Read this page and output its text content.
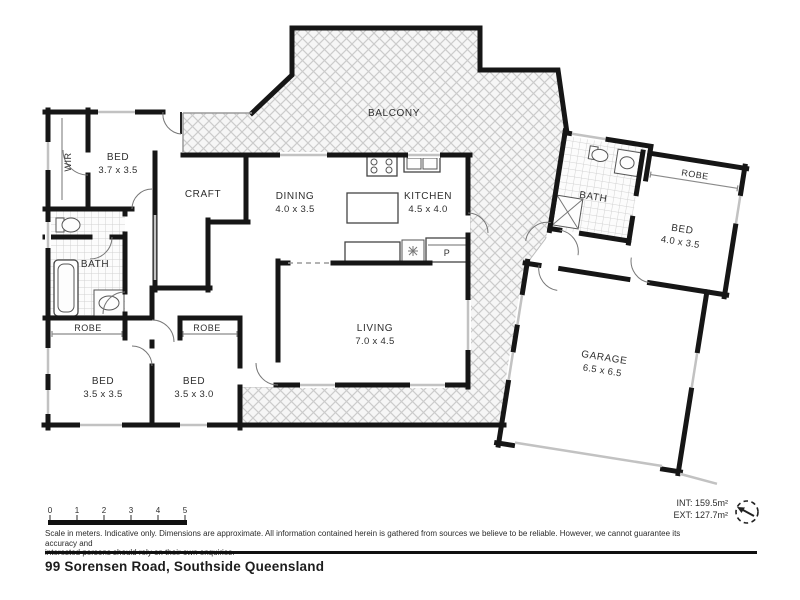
BATH
ROBE
BED
4.0 x 3.5
GARAGE
6.5 x 6.5
BALCONY
WIR	BED
3.7 x 3.5
CRAFT	DINING
4.0 x 3.5
KITCHEN
4.5 x 4.0
P
BATH
ROBE	ROBE
BED
3.5 x 3.5
BED
3.5 x 3.0
LIVING
7.0 x 4.5
0	1	2	3	4	5
Scale in meters. Indicative only. Dimensions are approximate. All information contained herein is gathered from sources we believe to be reliable. However, we cannot guarantee its accuracy and

99 Sorensen Road, Southside Queensland
INT: 159.5m²
EXT: 127.7m²
